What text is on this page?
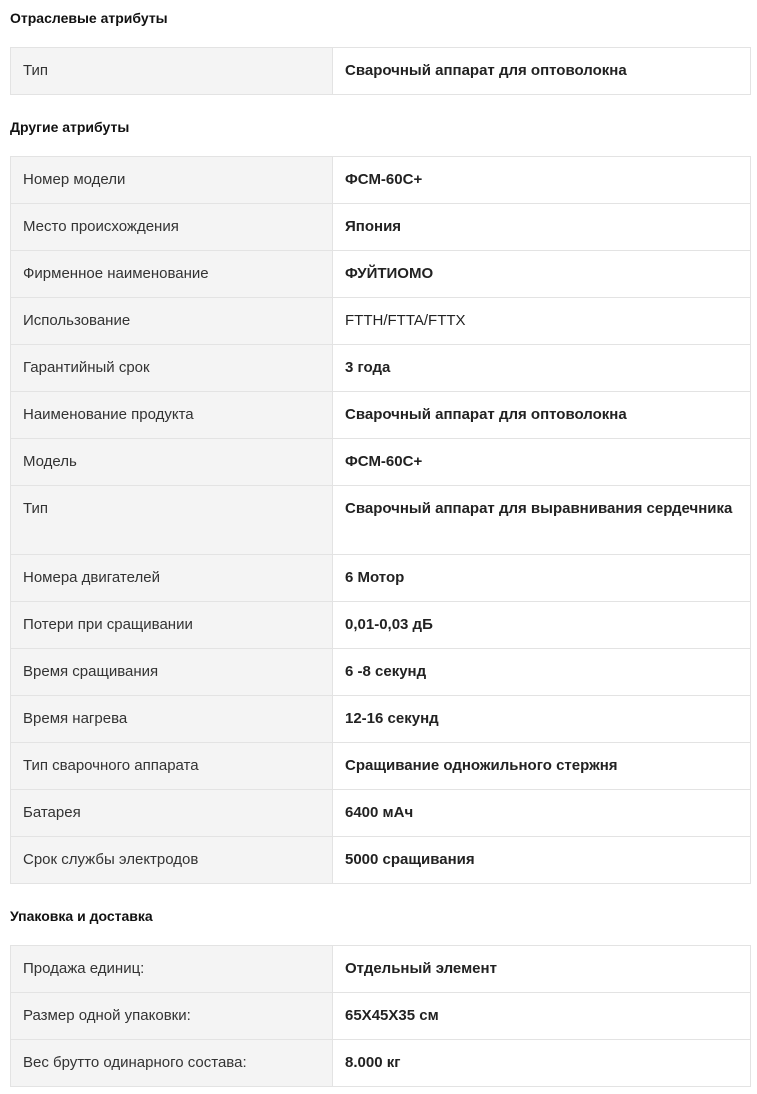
Отраслевые атрибуты
Тип	Сварочный аппарат для оптоволокна
Другие атрибуты
Номер модели	ФСМ-60С+
Место происхождения	Япония
Фирменное наименование	ФУЙТИОМО
Использование	FTTH/FTTA/FTTX
Гарантийный срок	3 года
Наименование продукта	Сварочный аппарат для оптоволокна
Модель	ФСМ-60С+
Тип	Сварочный аппарат для выравнивания сердечника
Номера двигателей	6 Мотор
Потери при сращивании	0,01-0,03 дБ
Время сращивания	6 -8 секунд
Время нагрева	12-16 секунд
Тип сварочного аппарата	Сращивание одножильного стержня
Батарея	6400 мАч
Срок службы электродов	5000 сращивания
Упаковка и доставка
Продажа единиц:	Отдельный элемент
Размер одной упаковки:	65X45X35 см
Вес брутто одинарного состава:	8.000 кг
